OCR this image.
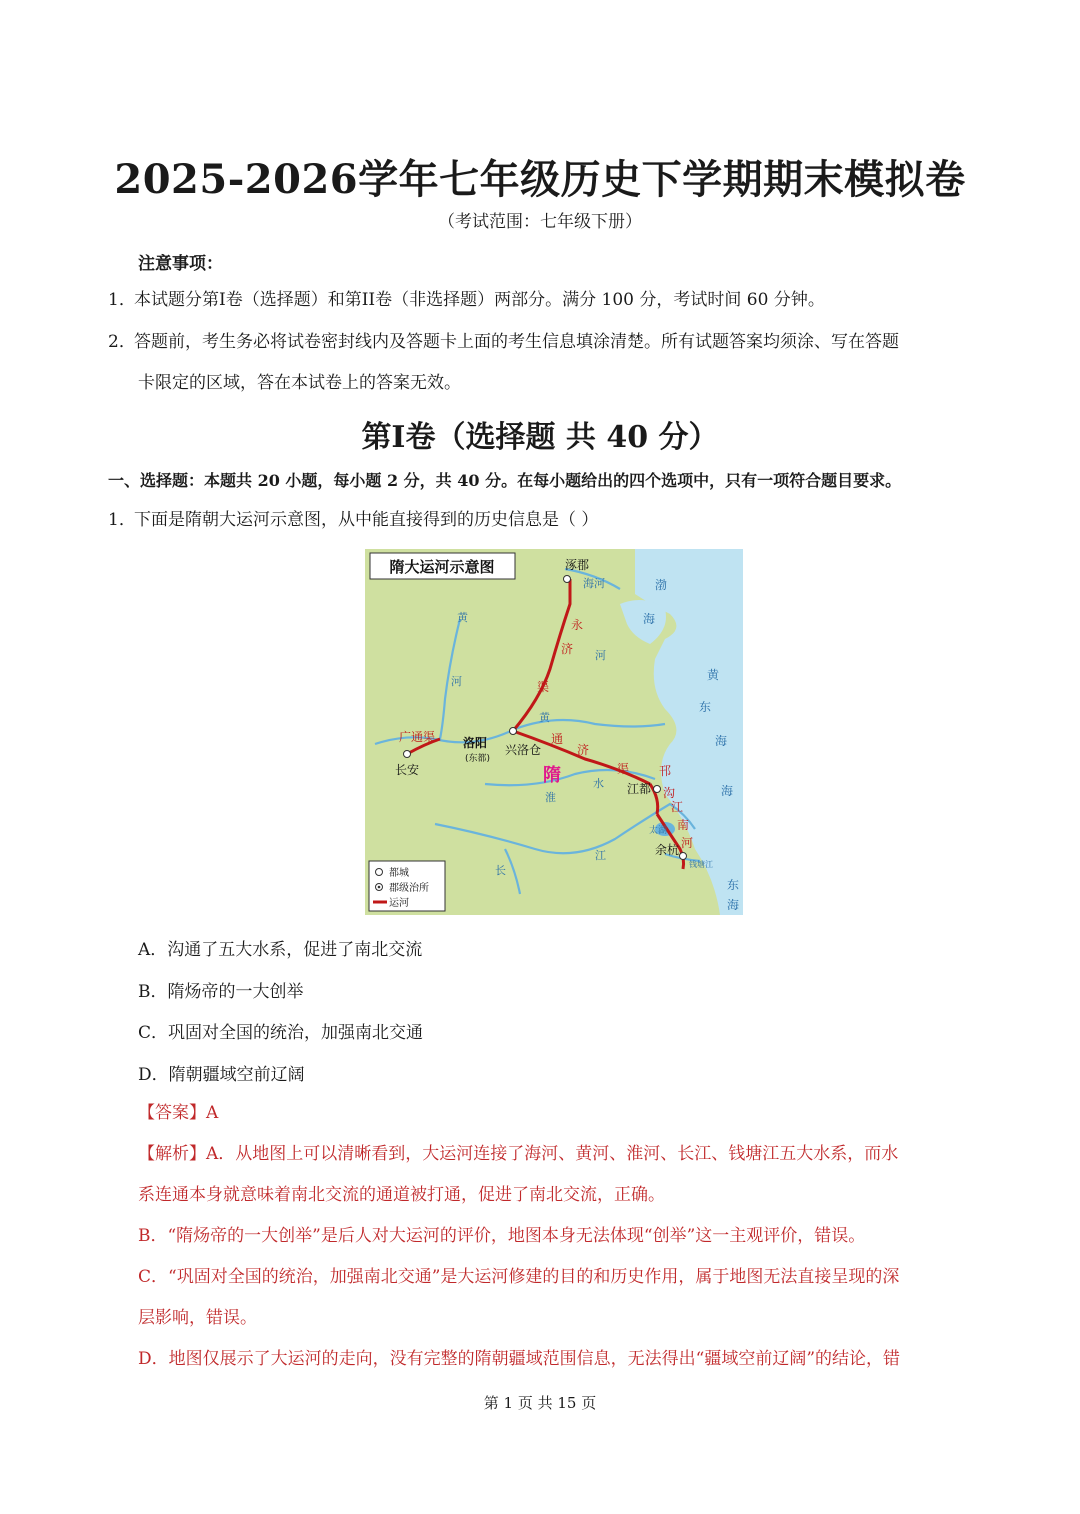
2025-2026学年七年级历史下学期期末模拟卷
（考试范围：七年级下册）
注意事项：
1．本试题分第I卷（选择题）和第II卷（非选择题）两部分。满分 100 分，考试时间 60 分钟。
2．答题前，考生务必将试卷密封线内及答题卡上面的考生信息填涂清楚。所有试题答案均须涂、写在答题
卡限定的区域，答在本试卷上的答案无效。
第I卷（选择题 共 40 分）
一、选择题：本题共 20 小题，每小题 2 分，共 40 分。在每小题给出的四个选项中，只有一项符合题目要求。
1．下面是隋朝大运河示意图，从中能直接得到的历史信息是（ ）
隋大运河示意图	涿郡
洛阳
(东都)
长安
兴洛仓
江都
余杭
永
济
渠
广通渠	通
济
渠 邗
沟
江
南
河
海河
黄
河
黄
河
淮
水
长
江
太湖
钱塘江
渤
海
黄
海
东
海
东
海
隋
都城
郡级治所
运河
A．沟通了五大水系，促进了南北交流
B．隋炀帝的一大创举
C．巩固对全国的统治，加强南北交通
D．隋朝疆域空前辽阔
【答案】A
【解析】A．从地图上可以清晰看到，大运河连接了海河、黄河、淮河、长江、钱塘江五大水系，而水
系连通本身就意味着南北交流的通道被打通，促进了南北交流，正确。
B．“隋炀帝的一大创举”是后人对大运河的评价，地图本身无法体现“创举”这一主观评价，错误。
C．“巩固对全国的统治，加强南北交通”是大运河修建的目的和历史作用，属于地图无法直接呈现的深
层影响，错误。
D．地图仅展示了大运河的走向，没有完整的隋朝疆域范围信息，无法得出“疆域空前辽阔”的结论，错
第 1 页 共 15 页
